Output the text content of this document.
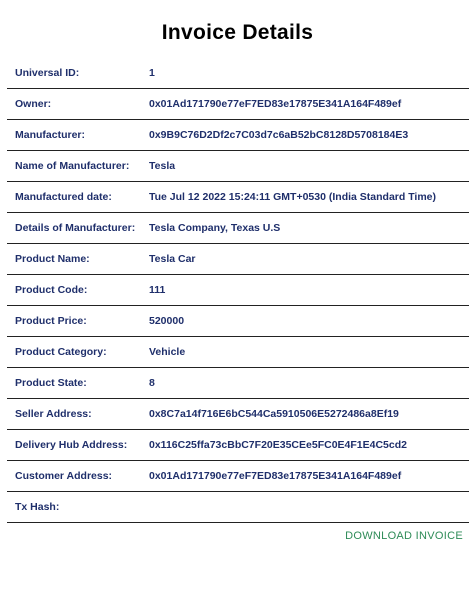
Invoice Details
Universal ID:	1
Owner:	0x01Ad171790e77eF7ED83e17875E341A164F489ef
Manufacturer:	0x9B9C76D2Df2c7C03d7c6aB52bC8128D5708184E3
Name of Manufacturer:	Tesla
Manufactured date:	Tue Jul 12 2022 15:24:11 GMT+0530 (India Standard Time)
Details of Manufacturer:	Tesla Company, Texas U.S
Product Name:	Tesla Car
Product Code:	111
Product Price:	520000
Product Category:	Vehicle
Product State:	8
Seller Address:	0x8C7a14f716E6bC544Ca5910506E5272486a8Ef19
Delivery Hub Address:	0x116C25ffa73cBbC7F20E35CEe5FC0E4F1E4C5cd2
Customer Address:	0x01Ad171790e77eF7ED83e17875E341A164F489ef
Tx Hash:
DOWNLOAD INVOICE
